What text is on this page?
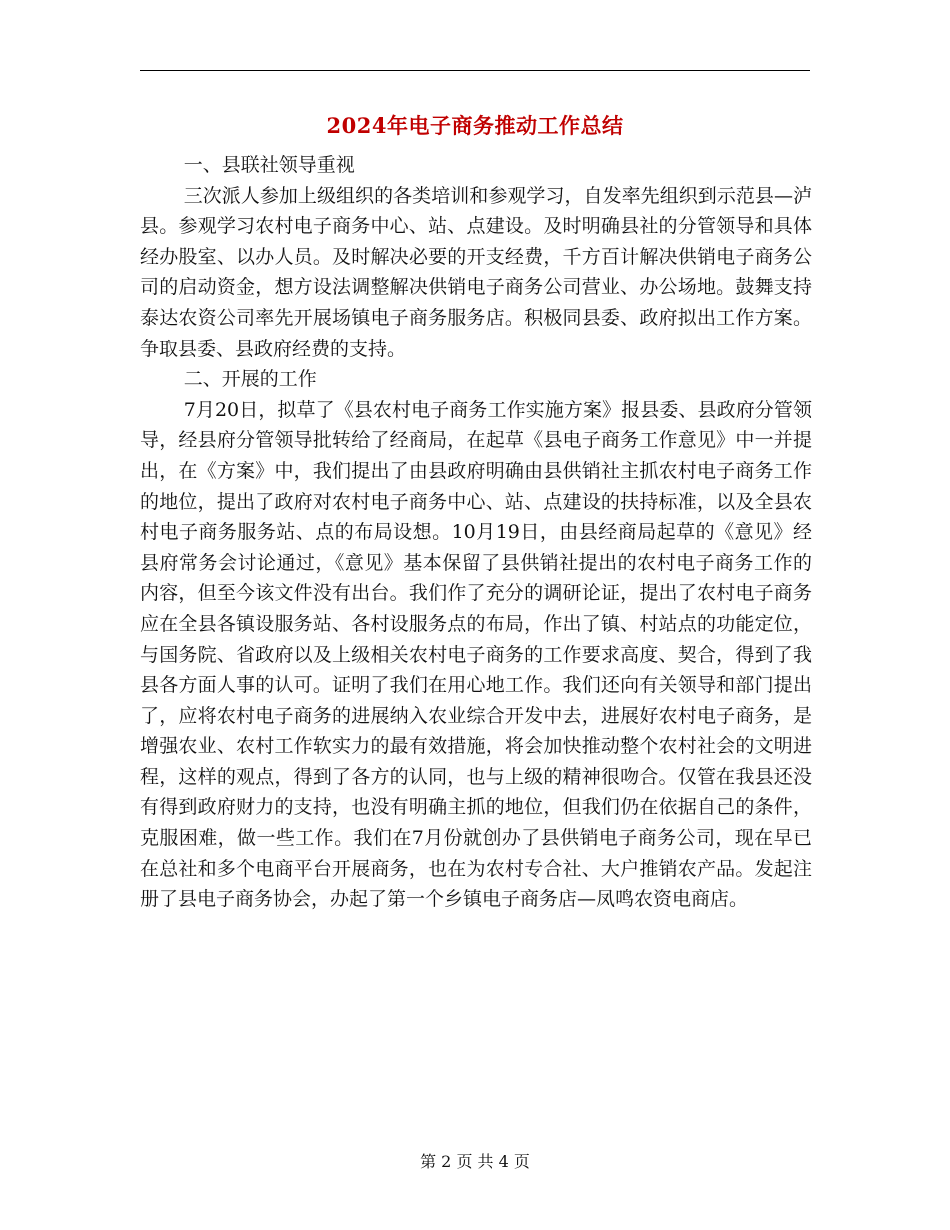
2024年电子商务推动工作总结

一、县联社领导重视

三次派人参加上级组织的各类培训和参观学习，自发率先组织到示范县—泸县。参观学习农村电子商务中心、站、点建设。及时明确县社的分管领导和具体经办股室、以办人员。及时解决必要的开支经费，千方百计解决供销电子商务公司的启动资金，想方设法调整解决供销电子商务公司营业、办公场地。鼓舞支持泰达农资公司率先开展场镇电子商务服务店。积极同县委、政府拟出工作方案。争取县委、县政府经费的支持。

二、开展的工作

7月20日，拟草了《县农村电子商务工作实施方案》报县委、县政府分管领导，经县府分管领导批转给了经商局，在起草《县电子商务工作意见》中一并提出，在《方案》中，我们提出了由县政府明确由县供销社主抓农村电子商务工作的地位，提出了政府对农村电子商务中心、站、点建设的扶持标准，以及全县农村电子商务服务站、点的布局设想。10月19日，由县经商局起草的《意见》经县府常务会讨论通过，《意见》基本保留了县供销社提出的农村电子商务工作的内容，但至今该文件没有出台。我们作了充分的调研论证，提出了农村电子商务应在全县各镇设服务站、各村设服务点的布局，作出了镇、村站点的功能定位，与国务院、省政府以及上级相关农村电子商务的工作要求高度、契合，得到了我县各方面人事的认可。证明了我们在用心地工作。我们还向有关领导和部门提出了，应将农村电子商务的进展纳入农业综合开发中去，进展好农村电子商务，是增强农业、农村工作软实力的最有效措施，将会加快推动整个农村社会的文明进程，这样的观点，得到了各方的认同，也与上级的精神很吻合。仅管在我县还没有得到政府财力的支持，也没有明确主抓的地位，但我们仍在依据自己的条件，克服困难，做一些工作。我们在7月份就创办了县供销电子商务公司，现在早已在总社和多个电商平台开展商务，也在为农村专合社、大户推销农产品。发起注册了县电子商务协会，办起了第一个乡镇电子商务店—凤鸣农资电商店。

第 2 页 共 4 页
